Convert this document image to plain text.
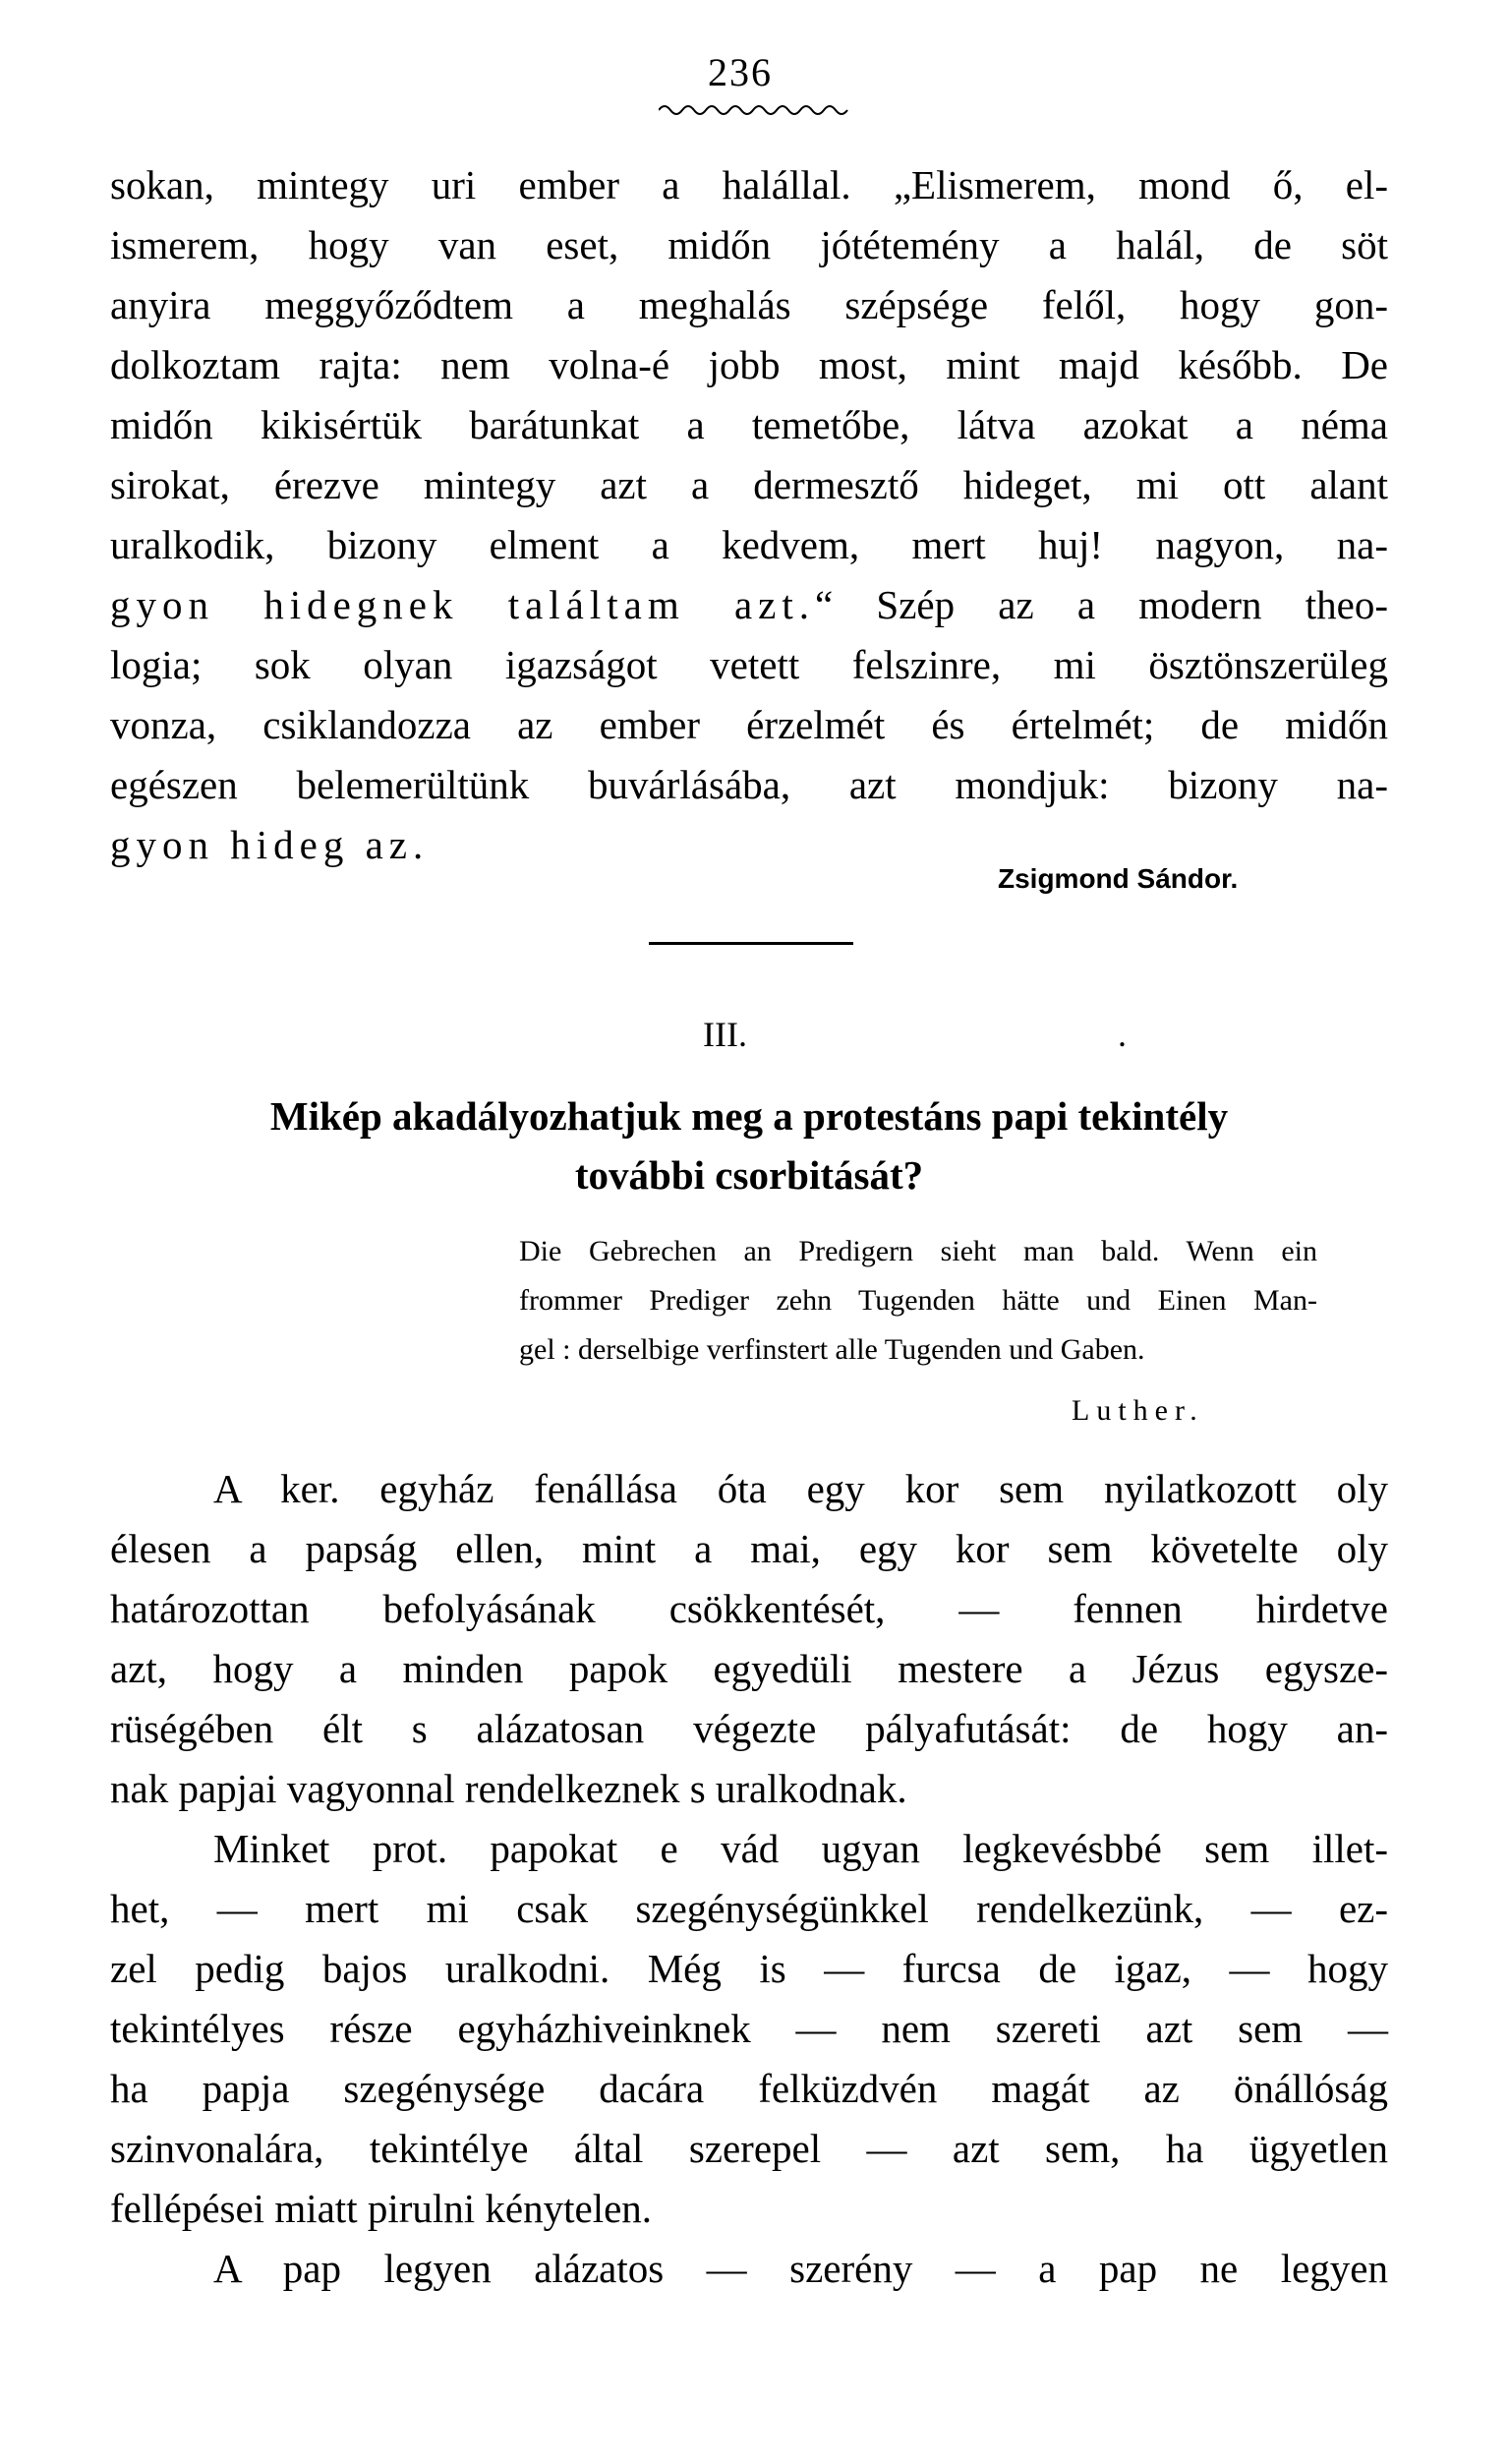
236
sokan, mintegy uri ember a halállal. „Elismerem, mond ő, el-
ismerem, hogy van eset, midőn jótétemény a halál, de söt
anyira meggyőződtem a meghalás szépsége felől, hogy gon-
dolkoztam rajta: nem volna-é jobb most, mint majd később. De
midőn kikisértük barátunkat a temetőbe, látva azokat a néma
sirokat, érezve mintegy azt a dermesztő hideget, mi ott alant
uralkodik, bizony elment a kedvem, mert huj! nagyon, na-
gyon hidegnek találtam azt.“ Szép az a modern theo-
logia; sok olyan igazságot vetett felszinre, mi ösztönszerüleg
vonza, csiklandozza az ember érzelmét és értelmét; de midőn
egészen belemerültünk buvárlásába, azt mondjuk: bizony na-
gyon hideg az.
Zsigmond Sándor.
III.	.
Mikép akadályozhatjuk meg a protestáns papi tekintély
további csorbitását?
Die Gebrechen an Predigern sieht man bald. Wenn ein
frommer Prediger zehn Tugenden hätte und Einen Man-
gel : derselbige verfinstert alle Tugenden und Gaben.
Luther.
A ker. egyház fenállása óta egy kor sem nyilatkozott oly
élesen a papság ellen, mint a mai, egy kor sem követelte oly
határozottan befolyásának csökkentését, — fennen hirdetve
azt, hogy a minden papok egyedüli mestere a Jézus egysze-
rüségében élt s alázatosan végezte pályafutását: de hogy an-
nak papjai vagyonnal rendelkeznek s uralkodnak.
Minket prot. papokat e vád ugyan legkevésbbé sem illet-
het, — mert mi csak szegénységünkkel rendelkezünk, — ez-
zel pedig bajos uralkodni. Még is — furcsa de igaz, — hogy
tekintélyes része egyházhiveinknek — nem szereti azt sem —
ha papja szegénysége dacára felküzdvén magát az önállóság
szinvonalára, tekintélye által szerepel — azt sem, ha ügyetlen
fellépései miatt pirulni kénytelen.
A pap legyen alázatos — szerény — a pap ne legyen
